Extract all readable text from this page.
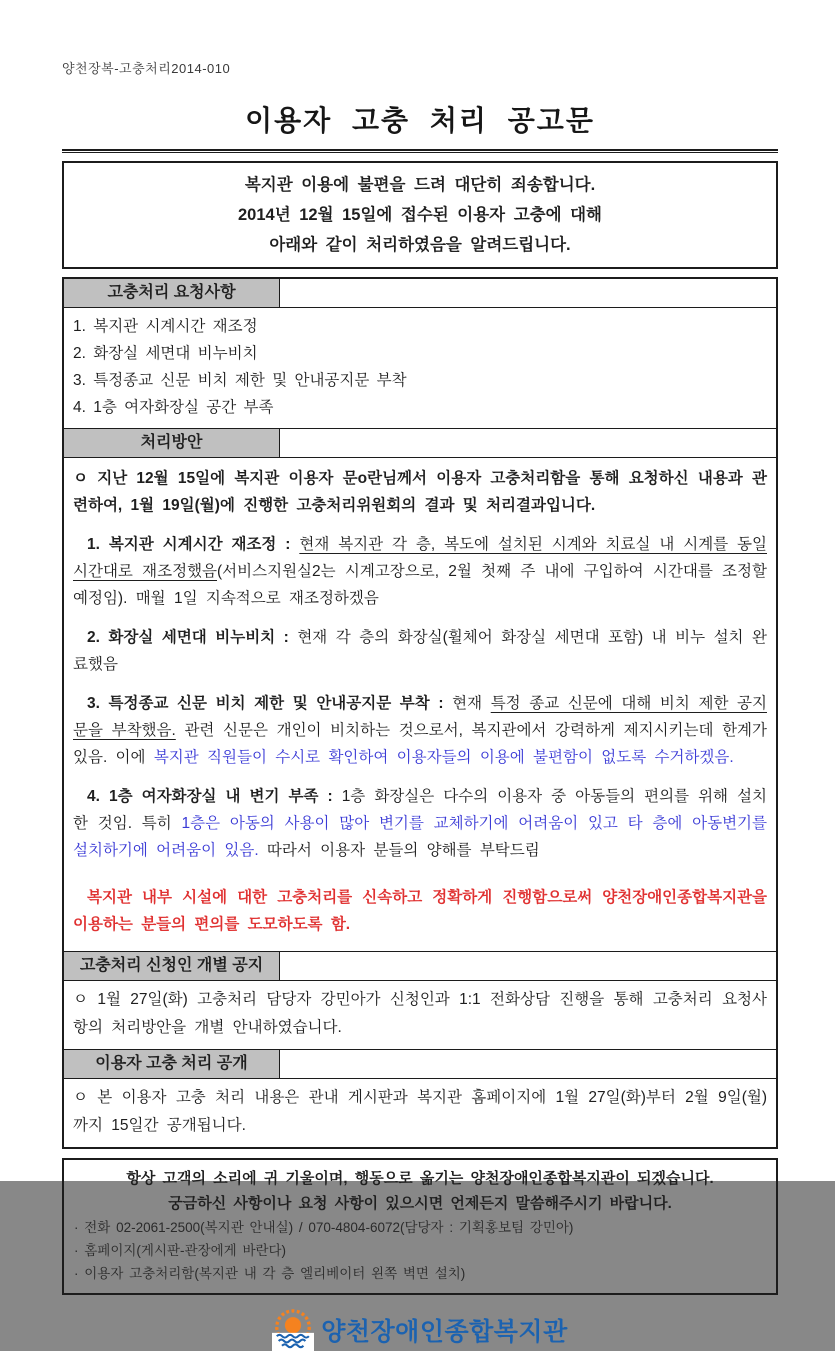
양천장복-고충처리2014-010
이용자 고충 처리 공고문

복지관 이용에 불편을 드려 대단히 죄송합니다.

2014년 12월 15일에 접수된 이용자 고충에 대해

아래와 같이 처리하였음을 알려드립니다.

고충처리 요청사항
1. 복지관 시계시간 재조정
2. 화장실 세면대 비누비치
3. 특정종교 신문 비치 제한 및 안내공지문 부착
4. 1층 여자화장실 공간 부족
처리방안

ㅇ 지난 12월 15일에 복지관 이용자 문o란님께서 이용자 고충처리함을 통해 요청하신 내용과 관련하여, 1월 19일(월)에 진행한 고충처리위원회의 결과 및 처리결과입니다.

1. 복지관 시계시간 재조정 : 현재 복지관 각 층, 복도에 설치된 시계와 치료실 내 시계를 동일 시간대로 재조정했음(서비스지원실2는 시계고장으로, 2월 첫째 주 내에 구입하여 시간대를 조정할 예정임). 매월 1일 지속적으로 재조정하겠음

2. 화장실 세면대 비누비치 : 현재 각 층의 화장실(휠체어 화장실 세면대 포함) 내 비누 설치 완료했음

3. 특정종교 신문 비치 제한 및 안내공지문 부착 : 현재 특정 종교 신문에 대해 비치 제한 공지문을 부착했음. 관련 신문은 개인이 비치하는 것으로서, 복지관에서 강력하게 제지시키는데 한계가 있음. 이에 복지관 직원들이 수시로 확인하여 이용자들의 이용에 불편함이 없도록 수거하겠음.

4. 1층 여자화장실 내 변기 부족 : 1층 화장실은 다수의 이용자 중 아동들의 편의를 위해 설치한 것임. 특히 1층은 아동의 사용이 많아 변기를 교체하기에 어려움이 있고 타 층에 아동변기를 설치하기에 어려움이 있음. 따라서 이용자 분들의 양해를 부탁드림

복지관 내부 시설에 대한 고충처리를 신속하고 정확하게 진행함으로써 양천장애인종합복지관을 이용하는 분들의 편의를 도모하도록 함.

고충처리 신청인 개별 공지

ㅇ 1월 27일(화) 고충처리 담당자 강민아가 신청인과 1:1 전화상담 진행을 통해 고충처리 요청사항의 처리방안을 개별 안내하였습니다.

이용자 고충 처리 공개

ㅇ 본 이용자 고충 처리 내용은 관내 게시판과 복지관 홈페이지에 1월 27일(화)부터 2월 9일(월)까지 15일간 공개됩니다.

항상 고객의 소리에 귀 기울이며, 행동으로 옮기는 양천장애인종합복지관이 되겠습니다.

궁금하신 사항이나 요청 사항이 있으시면 언제든지 말씀해주시기 바랍니다.

· 전화 02-2061-2500(복지관 안내실) / 070-4804-6072(담당자 : 기획홍보팀 강민아)

· 홈페이지(게시판-관장에게 바란다)

· 이용자 고충처리함(복지관 내 각 층 엘리베이터 왼쪽 벽면 설치)

양천장애인종합복지관
